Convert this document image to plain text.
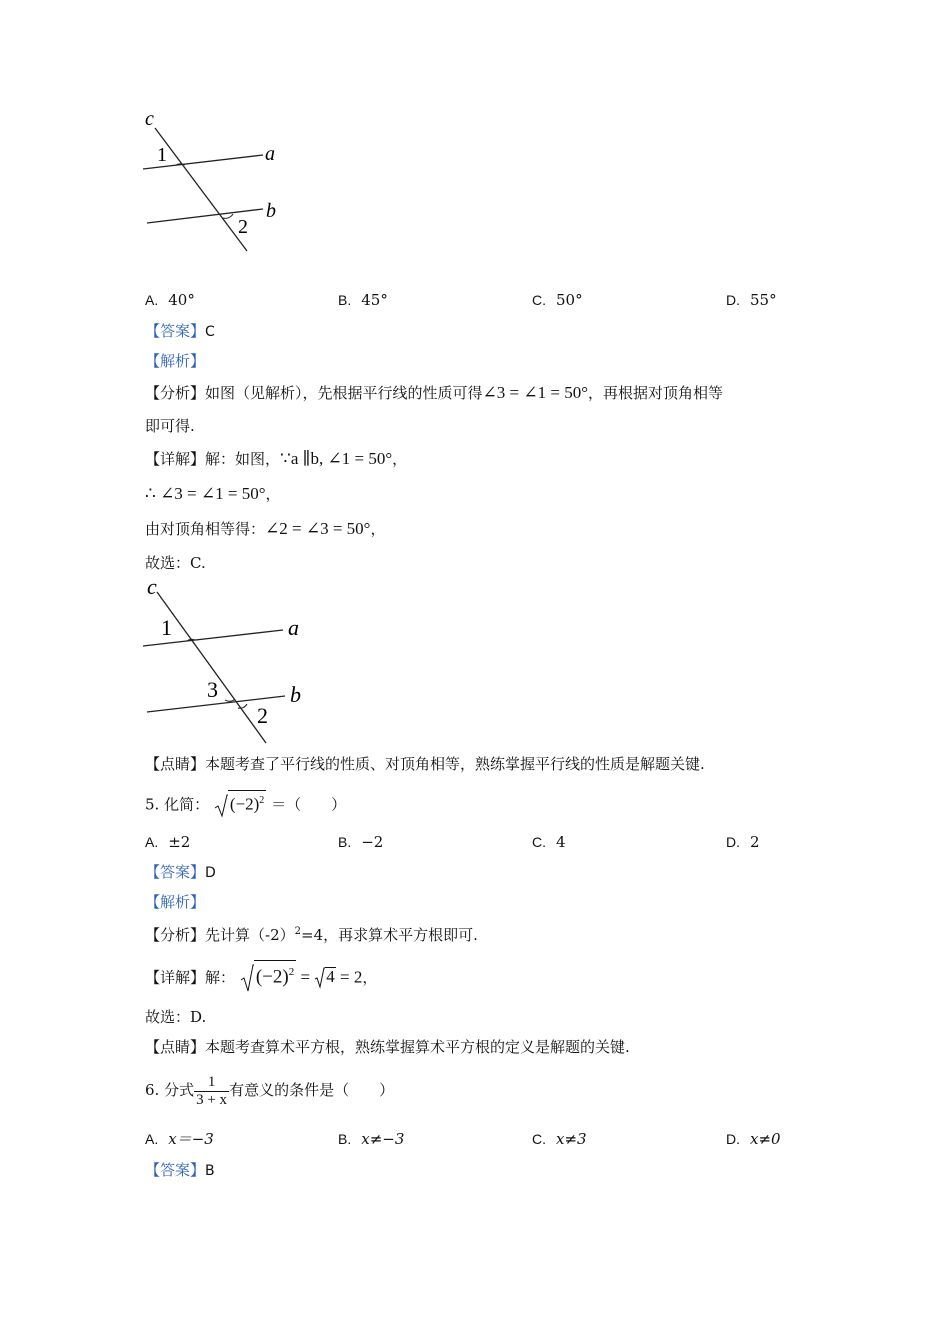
c
1	a
b
2
A. 40°	B. 45°	C. 50°	D. 55°
【答案】C
【解析】
【分析】如图（见解析），先根据平行线的性质可得∠3 = ∠1 = 50°，再根据对顶角相等
即可得.
【详解】解：如图，∵a ∥b, ∠1 = 50°，
∴ ∠3 = ∠1 = 50°，
由对顶角相等得：∠2 = ∠3 = 50°，
故选：C.
c
1	a
3	b
2
【点睛】本题考查了平行线的性质、对顶角相等，熟练掌握平行线的性质是解题关键.
5. 化简： $(-2)^2$ ＝（　　）
A. ±2	B. −2	C. 4	D. 2
【答案】D
【解析】
【分析】先计算$(-2)^2=4$，再求算术平方根即可.
【详解】解： $(-2)^2 = 4 = 2$，
故选：D.
【点睛】本题考查算术平方根，熟练掌握算术平方根的定义是解题的关键.
6. 分式 $\frac{1}{3 + x}$ 有意义的条件是（　　）
A. x＝−3	B. x≠−3	C. x≠3	D. x≠0
【答案】B
